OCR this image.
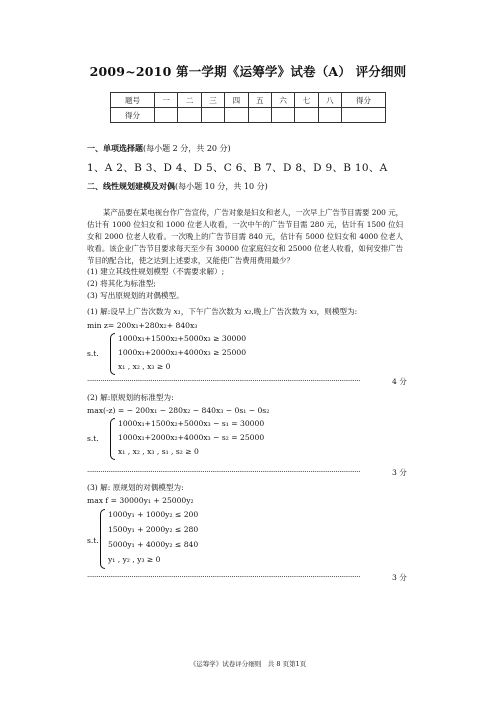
2009~2010 第一学期《运筹学》试卷（A） 评分细则
题号	一	二	三	四	五	六	七	八	得分
得分									
一、单项选择题(每小题 2 分，共 20 分)
1、A 2、B 3、D 4、D 5、C 6、B 7、D 8、D 9、B 10、A
二、线性规划建模及对偶(每小题 10 分，共 10 分)
某产品要在某电视台作广告宣传，广告对象是妇女和老人，一次早上广告节目需要 200 元，估计有 1000 位妇女和 1000 位老人收看，一次中午的广告节目需 280 元，估计有 1500 位妇女和 2000 位老人收看。一次晚上的广告节目需 840 元，估计有 5000 位妇女和 4000 位老人收看。该企业广告节目要求每天至少有 30000 位家庭妇女和 25000 位老人收看，如何安排广告节目的配合比，使之达到上述要求，又能使广告费用费用最少？
(1) 建立其线性规划模型（不需要求解）;
(2) 将其化为标准型;
(3) 写出原规划的对偶模型。
(1) 解:设早上广告次数为 x₁，下午广告次数为 x₂,晚上广告次数为 x₃，则模型为:
min z= 200x₁+280x₂+ 840x₃
s.t.
1000x₁+1500x₂+5000x₃ ≥ 30000
1000x₁+2000x₂+4000x₃ ≥ 25000
x₁ , x₂ , x₃ ≥ 0
··············································································································································	4 分
(2) 解:原规划的标准型为:
max(-z) = − 200x₁ − 280x₂ − 840x₃ − 0s₁ − 0s₂
s.t.
1000x₁+1500x₂+5000x₃ − s₁ = 30000
1000x₁+2000x₂+4000x₃ − s₂ = 25000
x₁ , x₂ , x₃ , s₁ , s₂ ≥ 0
··············································································································································	3 分
(3) 解: 原规划的对偶模型为:
max f = 30000y₁ + 25000y₂
s.t.
1000y₁ + 1000y₂ ≤ 200
1500y₁ + 2000y₂ ≤ 280
5000y₁ + 4000y₂ ≤ 840
y₁ , y₂ , y₃ ≥ 0
··············································································································································	3 分
《运筹学》试卷评分细则　共 8 页第1页
